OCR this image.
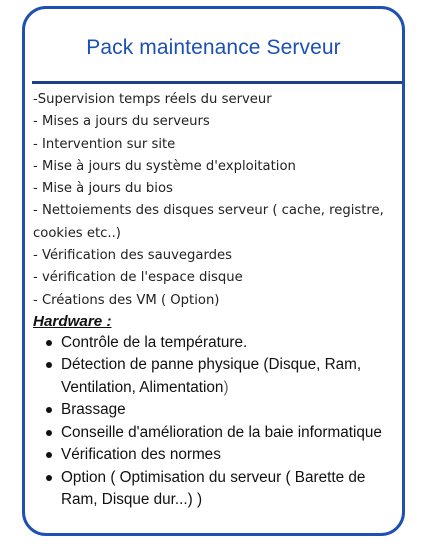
Pack maintenance Serveur
-Supervision temps réels du serveur
- Mises a jours du serveurs
- Intervention sur site
- Mise à jours du système d'exploitation
- Mise à jours du bios
- Nettoiements des disques serveur ( cache, registre, cookies etc..)
- Vérification des sauvegardes
- vérification de l'espace disque
- Créations des VM ( Option)
Hardware :
Contrôle de la température.
Détection de panne physique (Disque, Ram, Ventilation, Alimentation)
Brassage
Conseille d'amélioration de la baie informatique
Vérification des normes
Option ( Optimisation du serveur ( Barette de Ram, Disque dur...) )
